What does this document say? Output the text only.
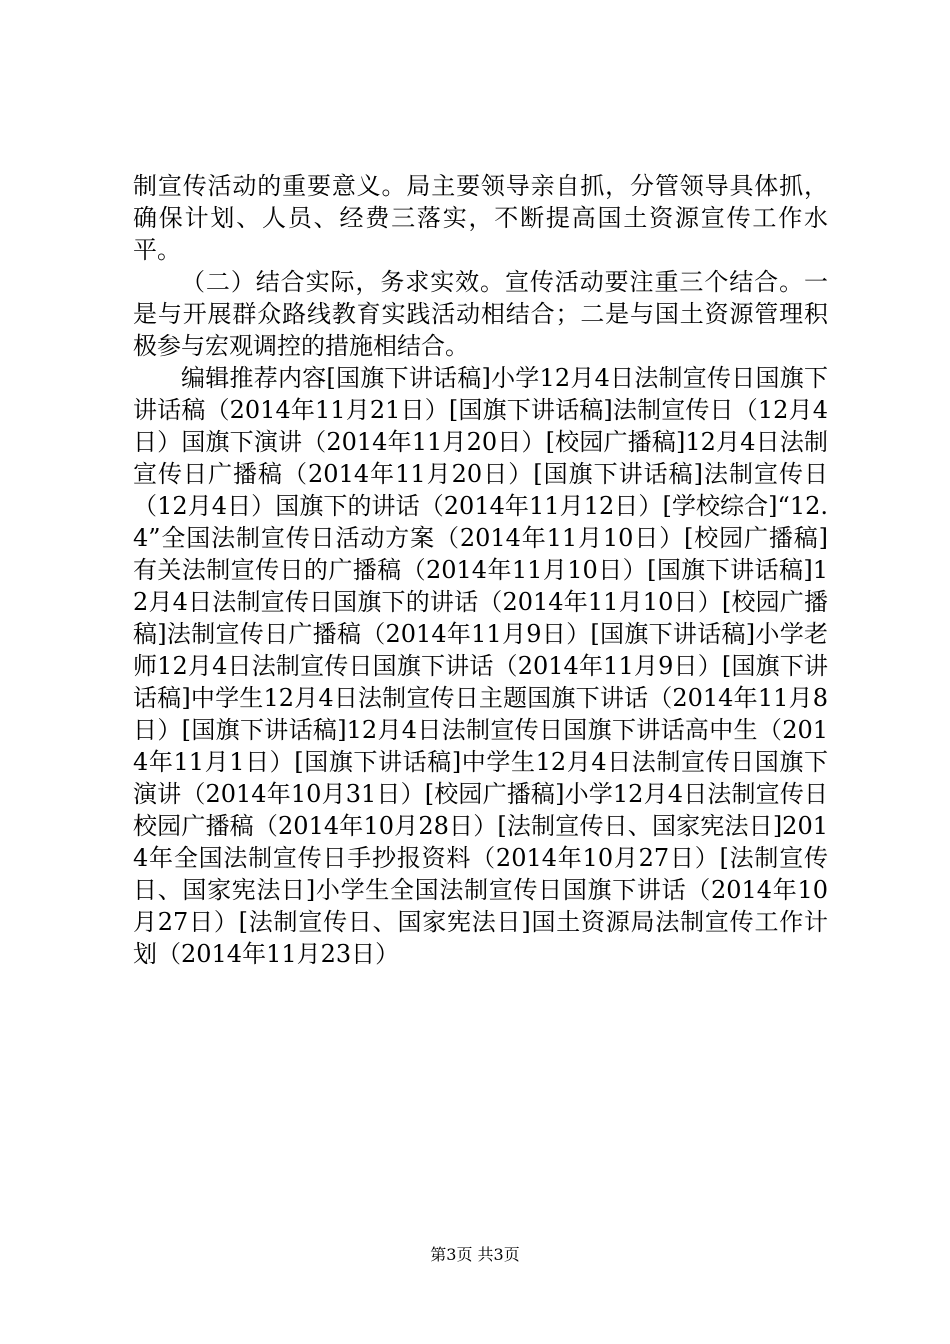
制宣传活动的重要意义。局主要领导亲自抓，分管领导具体抓，确保计划、人员、经费三落实，不断提高国土资源宣传工作水平。

（二）结合实际，务求实效。宣传活动要注重三个结合。一是与开展群众路线教育实践活动相结合；二是与国土资源管理积极参与宏观调控的措施相结合。

编辑推荐内容[国旗下讲话稿]小学12月4日法制宣传日国旗下讲话稿（2014年11月21日）[国旗下讲话稿]法制宣传日（12月4日）国旗下演讲（2014年11月20日）[校园广播稿]12月4日法制宣传日广播稿（2014年11月20日）[国旗下讲话稿]法制宣传日（12月4日）国旗下的讲话（2014年11月12日）[学校综合]“12.4”全国法制宣传日活动方案（2014年11月10日）[校园广播稿]有关法制宣传日的广播稿（2014年11月10日）[国旗下讲话稿]12月4日法制宣传日国旗下的讲话（2014年11月10日）[校园广播稿]法制宣传日广播稿（2014年11月9日）[国旗下讲话稿]小学老师12月4日法制宣传日国旗下讲话（2014年11月9日）[国旗下讲话稿]中学生12月4日法制宣传日主题国旗下讲话（2014年11月8日）[国旗下讲话稿]12月4日法制宣传日国旗下讲话高中生（2014年11月1日）[国旗下讲话稿]中学生12月4日法制宣传日国旗下演讲（2014年10月31日）[校园广播稿]小学12月4日法制宣传日校园广播稿（2014年10月28日）[法制宣传日、国家宪法日]2014年全国法制宣传日手抄报资料（2014年10月27日）[法制宣传日、国家宪法日]小学生全国法制宣传日国旗下讲话（2014年10月27日）[法制宣传日、国家宪法日]国土资源局法制宣传工作计划（2014年11月23日）

第3页 共3页
